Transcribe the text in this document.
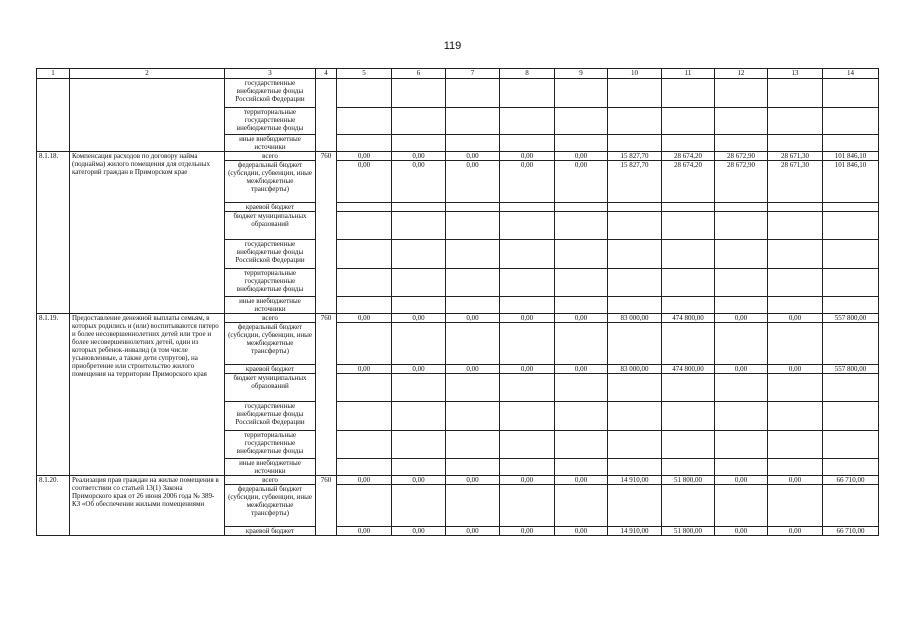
119
1	2	3	4	5	6	7	8	9	10	11	12	13	14
		государственные внебюджетные фонды Российской Федерации											
		территориальные государственные внебюджетные фонды											
		иные внебюджетные источники											
8.1.18.	Компенсация расходов по договору найма (поднайма) жилого помещения для отдельных категорий граждан в Приморском крае	всего	760	0,00	0,00	0,00	0,00	0,00	15 827,70	28 674,20	28 672,90	28 671,30	101 846,10
		федеральный бюджет (субсидии, субвенции, иные межбюджетные трансферты)		0,00	0,00	0,00	0,00	0,00	15 827,70	28 674,20	28 672,90	28 671,30	101 846,10
		краевой бюджет											
		бюджет муниципальных образований											
		государственные внебюджетные фонды Российской Федерации											
		территориальные государственные внебюджетные фонды											
		иные внебюджетные источники											
8.1.19.	Предоставление денежной выплаты семьям, в которых родились и (или) воспитываются пятеро и более несовершеннолетних детей или трое и более несовершеннолетних детей, один из которых ребенок-инвалид (в том числе усыновленные, а также дети супругов), на приобретение или строительство жилого помещения на территории Приморского края	всего	760	0,00	0,00	0,00	0,00	0,00	83 000,00	474 800,00	0,00	0,00	557 800,00
		федеральный бюджет (субсидии, субвенции, иные межбюджетные трансферты)											
		краевой бюджет		0,00	0,00	0,00	0,00	0,00	83 000,00	474 800,00	0,00	0,00	557 800,00
		бюджет муниципальных образований											
		государственные внебюджетные фонды Российской Федерации											
		территориальные государственные внебюджетные фонды											
		иные внебюджетные источники											
8.1.20.	Реализация прав граждан на жилые помещения в соответствии со статьей 13(1) Закона Приморского края от 26 июня 2006 года № 389-КЗ «Об обеспечении жилыми помещениями	всего	760	0,00	0,00	0,00	0,00	0,00	14 910,00	51 800,00	0,00	0,00	66 710,00
		федеральный бюджет (субсидии, субвенции, иные межбюджетные трансферты)											
		краевой бюджет		0,00	0,00	0,00	0,00	0,00	14 910,00	51 800,00	0,00	0,00	66 710,00
